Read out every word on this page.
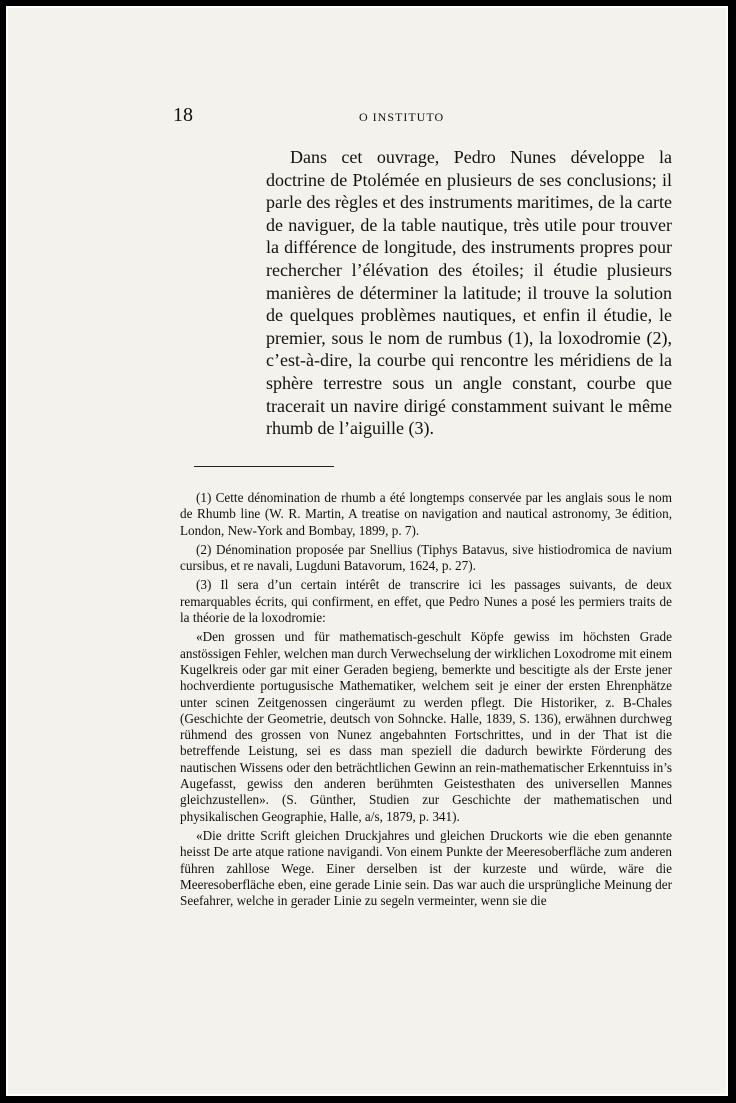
18	O INSTITUTO

Dans cet ouvrage, Pedro Nunes développe la doctrine de Ptolémée en plusieurs de ses conclusions; il parle des règles et des instruments maritimes, de la carte de naviguer, de la table nautique, très utile pour trouver la différence de longitude, des instruments propres pour rechercher l’élévation des étoiles; il étudie plusieurs manières de déterminer la latitude; il trouve la solution de quelques problèmes nautiques, et enfin il étudie, le premier, sous le nom de rumbus (1), la loxodromie (2), c’est-à-dire, la courbe qui rencontre les méridiens de la sphère terrestre sous un angle constant, courbe que tracerait un navire dirigé constamment suivant le même rhumb de l’aiguille (3).

(1) Cette dénomination de rhumb a été longtemps conservée par les anglais sous le nom de Rhumb line (W. R. Martin, A treatise on navigation and nautical astronomy, 3e édition, London, New-York and Bombay, 1899, p. 7).

(2) Dénomination proposée par Snellius (Tiphys Batavus, sive histiodromica de navium cursibus, et re navali, Lugduni Batavorum, 1624, p. 27).

(3) Il sera d’un certain intérêt de transcrire ici les passages suivants, de deux remarquables écrits, qui confirment, en effet, que Pedro Nunes a posé les permiers traits de la théorie de la loxodromie:

«Den grossen und für mathematisch-geschult Köpfe gewiss im höchsten Grade anstössigen Fehler, welchen man durch Verwechselung der wirklichen Loxodrome mit einem Kugelkreis oder gar mit einer Geraden begieng, bemerkte und bescitigte als der Erste jener hochverdiente portugusische Mathematiker, welchem seit je einer der ersten Ehrenphätze unter scinen Zeitgenossen cingeräumt zu werden pflegt. Die Historiker, z. B-Chales (Geschichte der Geometrie, deutsch von Sohncke. Halle, 1839, S. 136), erwähnen durchweg rühmend des grossen von Nunez angebahnten Fortschrittes, und in der That ist die betreffende Leistung, sei es dass man speziell die dadurch bewirkte Förderung des nautischen Wissens oder den beträchtlichen Gewinn an rein-mathematischer Erkenntuiss in’s Augefasst, gewiss den anderen berühmten Geistesthaten des universellen Mannes gleichzustellen». (S. Günther, Studien zur Geschichte der mathematischen und physikalischen Geographie, Halle, a/s, 1879, p. 341).

«Die dritte Scrift gleichen Druckjahres und gleichen Druckorts wie die eben genannte heisst De arte atque ratione navigandi. Von einem Punkte der Meeresoberfläche zum anderen führen zahllose Wege. Einer derselben ist der kurzeste und würde, wäre die Meeresoberfläche eben, eine gerade Linie sein. Das war auch die ursprüngliche Meinung der Seefahrer, welche in gerader Linie zu segeln vermeinter, wenn sie die
